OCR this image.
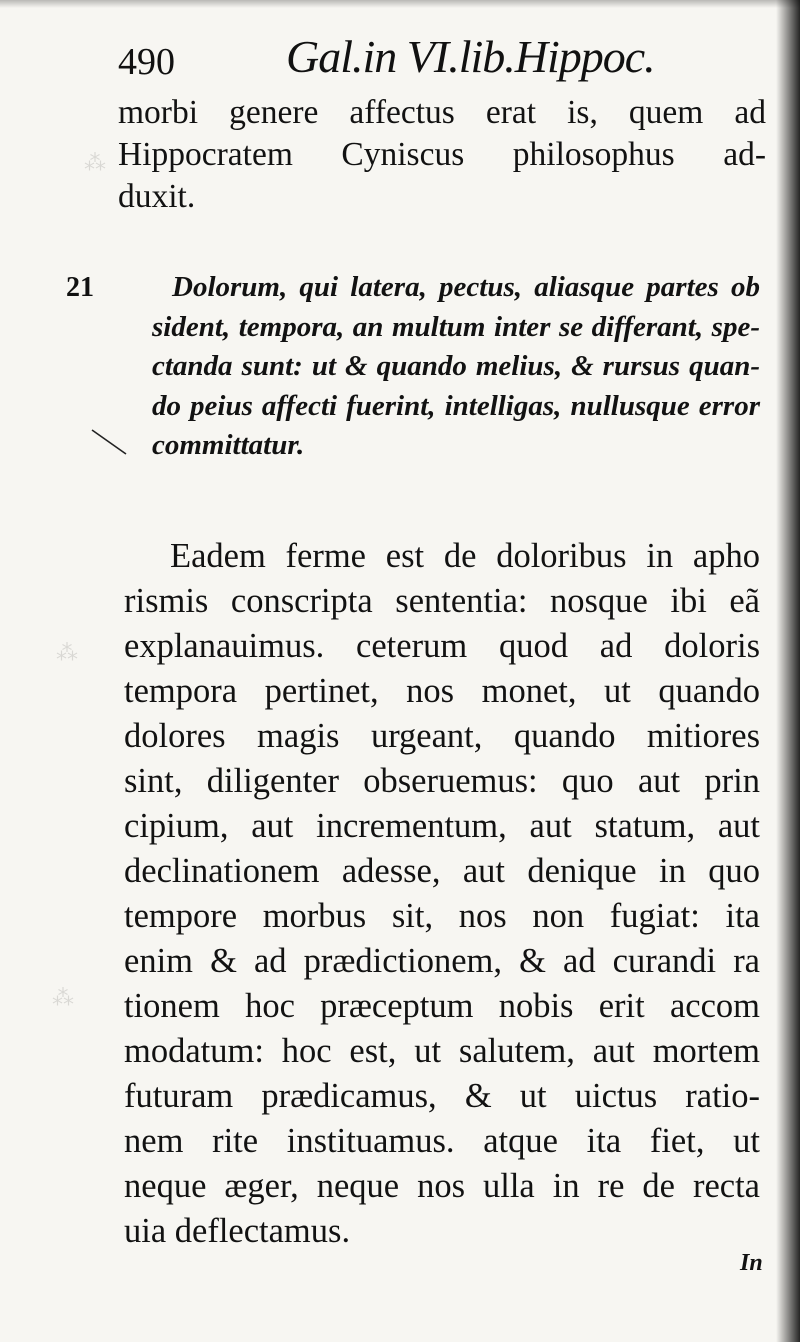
⁂
⁂
⁂
490 Gal.in VI.lib.Hippoc.
morbi genere affectus erat is, quem ad
Hippocratem Cyniscus philosophus ad-
duxit.
21	Dolorum, qui latera, pectus, aliasque partes ob
sident, tempora, an multum inter se differant, spe-
ctanda sunt: ut & quando melius, & rursus quan-
do peius affecti fuerint, intelligas, nullusque error
committatur.
Eadem ferme est de doloribus in apho
rismis conscripta sententia: nosque ibi eã
explanauimus. ceterum quod ad doloris
tempora pertinet, nos monet, ut quando
dolores magis urgeant, quando mitiores
sint, diligenter obseruemus: quo aut prin
cipium, aut incrementum, aut statum, aut
declinationem adesse, aut denique in quo
tempore morbus sit, nos non fugiat: ita
enim & ad prædictionem, & ad curandi ra
tionem hoc præceptum nobis erit accom
modatum: hoc est, ut salutem, aut mortem
futuram prædicamus, & ut uictus ratio-
nem rite instituamus. atque ita fiet, ut
neque æger, neque nos ulla in re de recta
uia deflectamus.
In
